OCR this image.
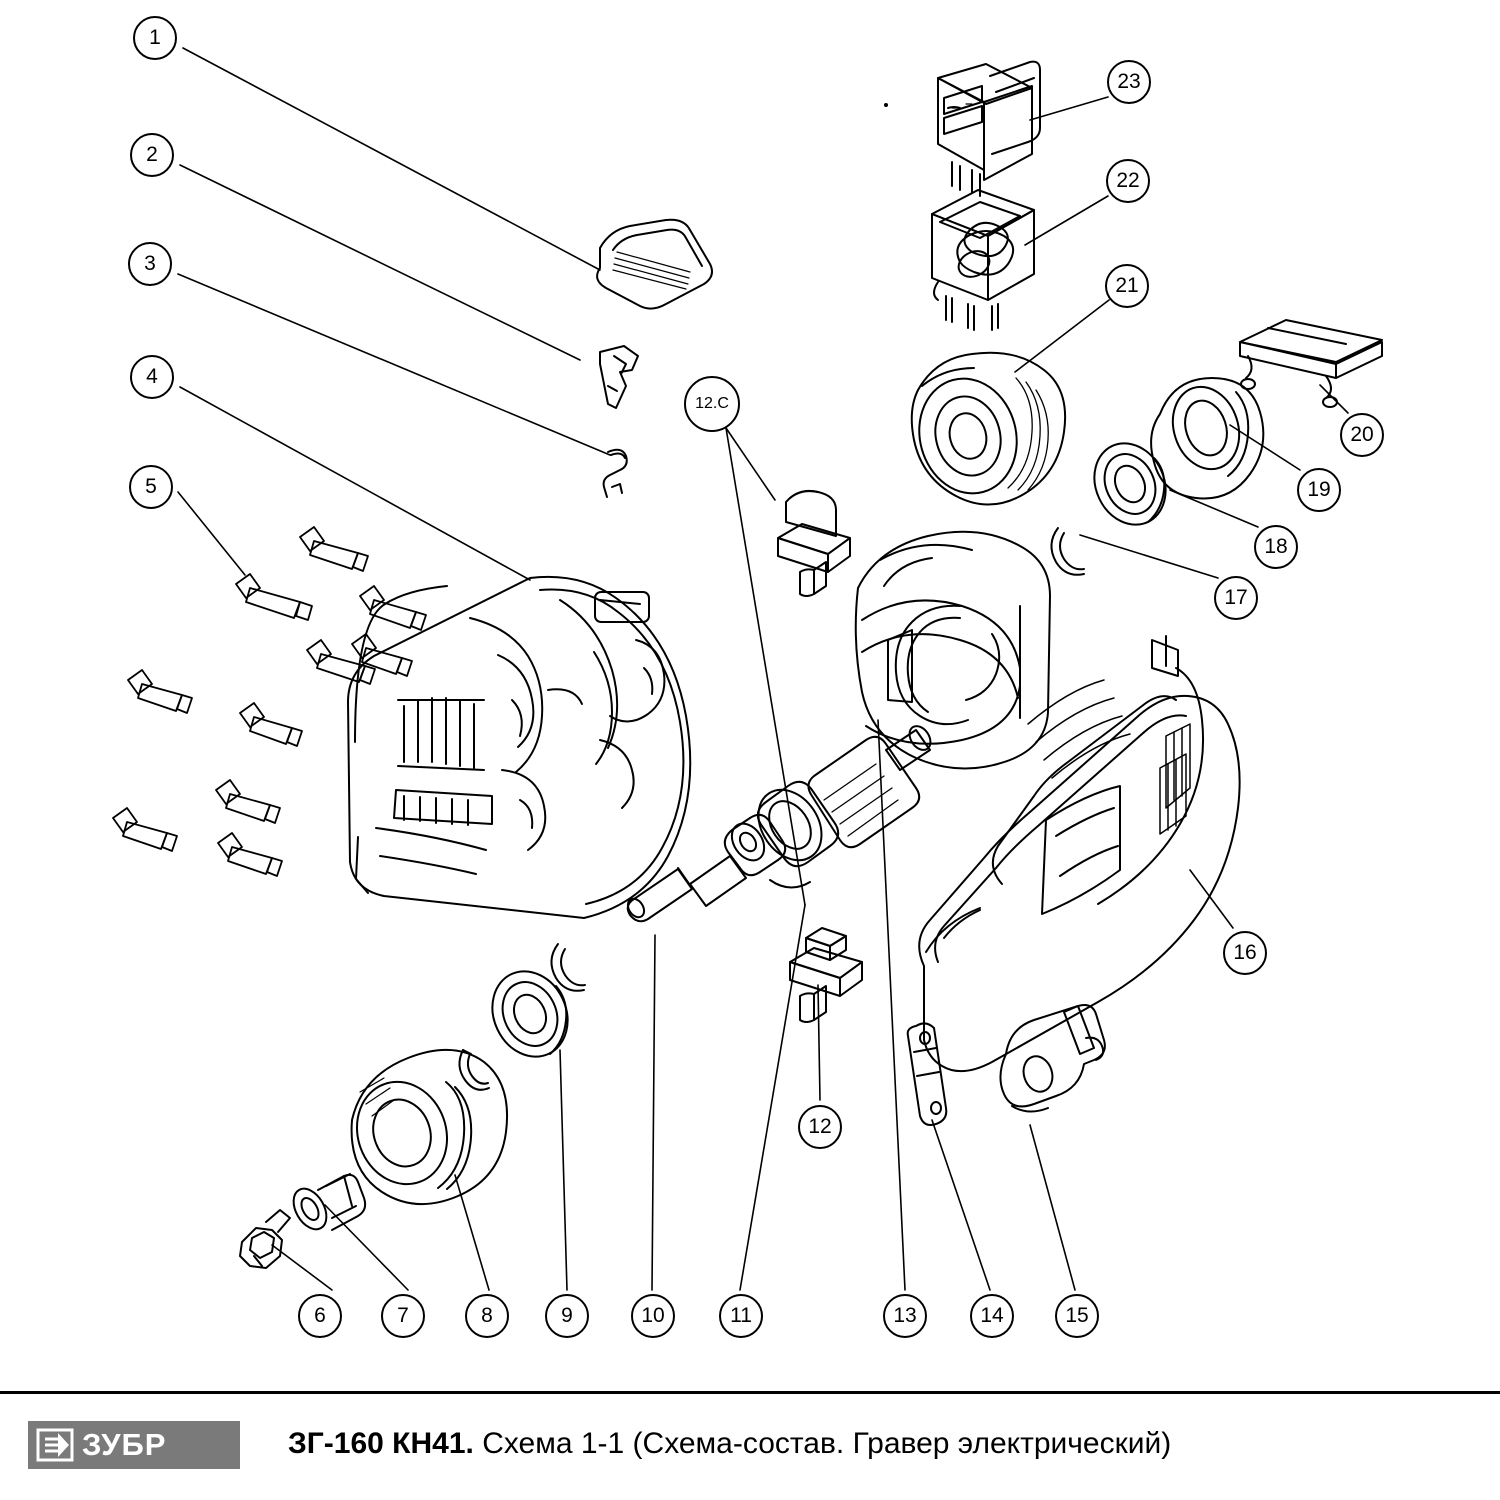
1
2
3
4
5
6	7	8	9	10	11
12
12.С
13	14	15
16
17
18
19
20
21
22
23
ЗУБР	ЗГ-160 КН41. Схема 1-1 (Схема-состав. Гравер электрический)
